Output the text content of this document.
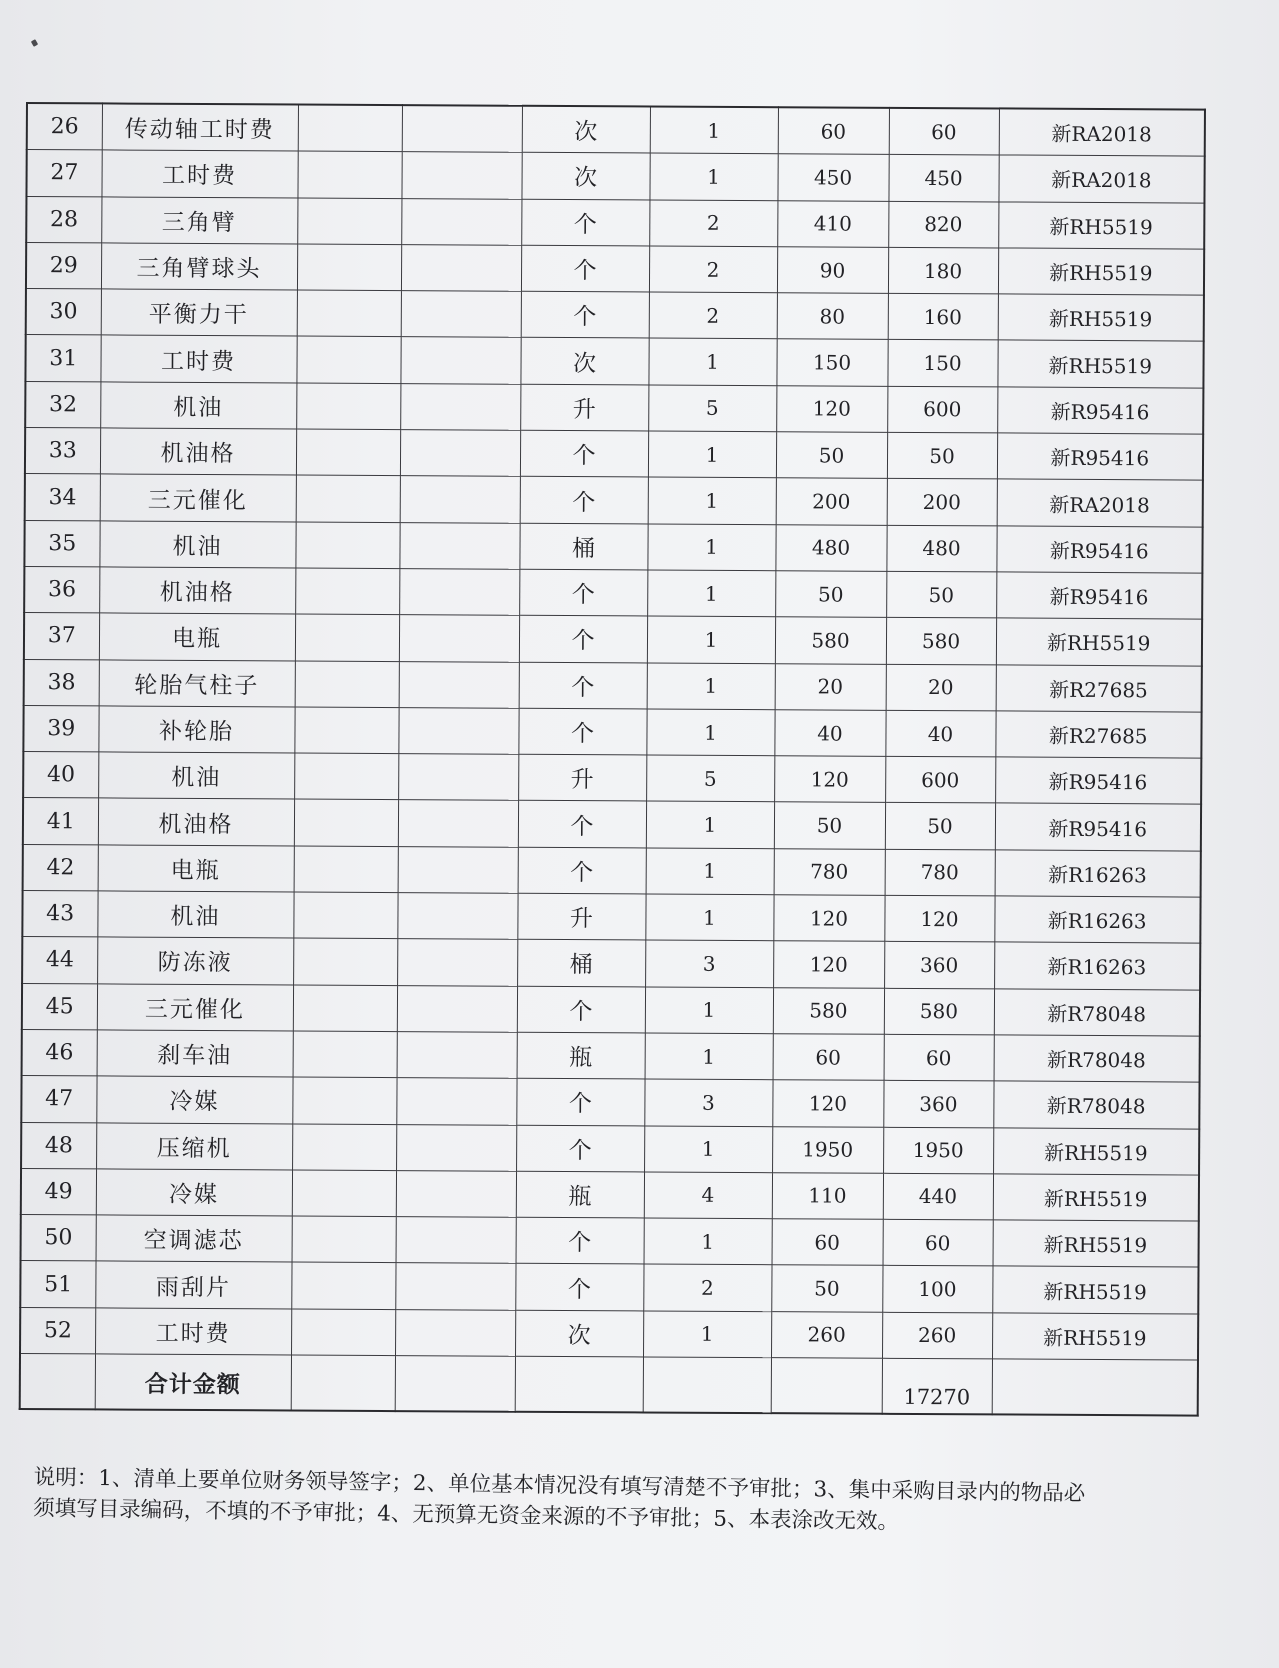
26	传动轴工时费			次	1	60	60	新RA2018
27	工时费			次	1	450	450	新RA2018
28	三角臂			个	2	410	820	新RH5519
29	三角臂球头			个	2	90	180	新RH5519
30	平衡力干			个	2	80	160	新RH5519
31	工时费			次	1	150	150	新RH5519
32	机油			升	5	120	600	新R95416
33	机油格			个	1	50	50	新R95416
34	三元催化			个	1	200	200	新RA2018
35	机油			桶	1	480	480	新R95416
36	机油格			个	1	50	50	新R95416
37	电瓶			个	1	580	580	新RH5519
38	轮胎气柱子			个	1	20	20	新R27685
39	补轮胎			个	1	40	40	新R27685
40	机油			升	5	120	600	新R95416
41	机油格			个	1	50	50	新R95416
42	电瓶			个	1	780	780	新R16263
43	机油			升	1	120	120	新R16263
44	防冻液			桶	3	120	360	新R16263
45	三元催化			个	1	580	580	新R78048
46	刹车油			瓶	1	60	60	新R78048
47	冷媒			个	3	120	360	新R78048
48	压缩机			个	1	1950	1950	新RH5519
49	冷媒			瓶	4	110	440	新RH5519
50	空调滤芯			个	1	60	60	新RH5519
51	雨刮片			个	2	50	100	新RH5519
52	工时费			次	1	260	260	新RH5519
	合计金额						17270	
说明：1、清单上要单位财务领导签字；2、单位基本情况没有填写清楚不予审批；3、集中采购目录内的物品必
须填写目录编码，不填的不予审批；4、无预算无资金来源的不予审批；5、本表涂改无效。
